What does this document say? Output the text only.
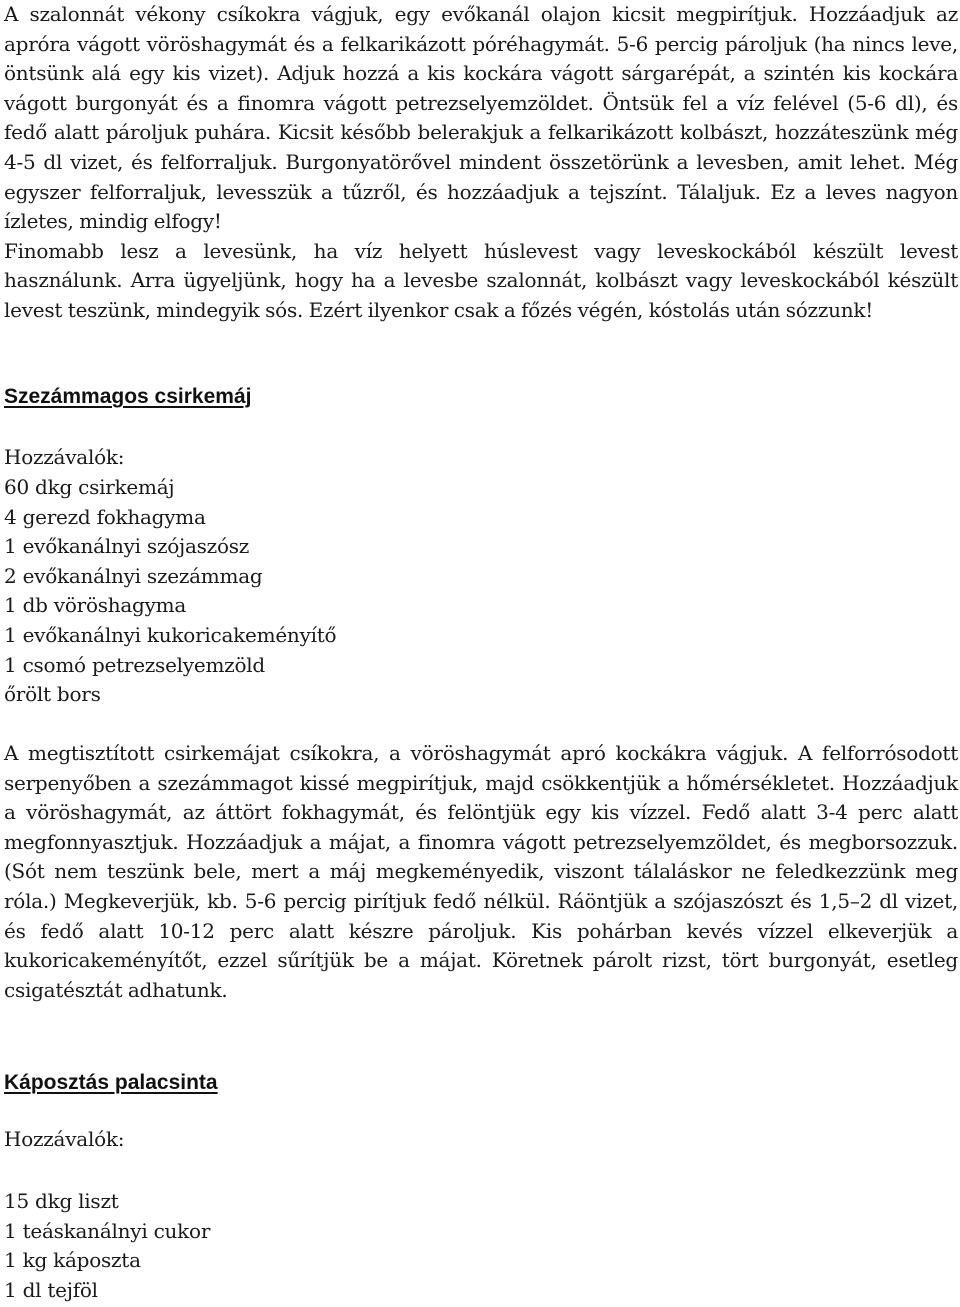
A szalonnát vékony csíkokra vágjuk, egy evőkanál olajon kicsit megpirítjuk. Hozzáadjuk az apróra vágott vöröshagymát és a felkarikázott póréhagymát. 5-6 percig pároljuk (ha nincs leve, öntsünk alá egy kis vizet). Adjuk hozzá a kis kockára vágott sárgarépát, a szintén kis kockára vágott burgonyát és a finomra vágott petrezselyemzöldet. Öntsük fel a víz felével (5-6 dl), és fedő alatt pároljuk puhára. Kicsit később belerakjuk a felkarikázott kolbászt, hozzáteszünk még 4-5 dl vizet, és felforraljuk. Burgonyatörővel mindent összetörünk a levesben, amit lehet. Még egyszer felforraljuk, levesszük a tűzről, és hozzáadjuk a tejszínt. Tálaljuk. Ez a leves nagyon ízletes, mindig elfogy!

Finomabb lesz a levesünk, ha víz helyett húslevest vagy leveskockából készült levest használunk. Arra ügyeljünk, hogy ha a levesbe szalonnát, kolbászt vagy leveskockából készült levest teszünk, mindegyik sós. Ezért ilyenkor csak a főzés végén, kóstolás után sózzunk!

Szezámmagos csirkemáj

Hozzávalók:

60 dkg csirkemáj
4 gerezd fokhagyma
1 evőkanálnyi szójaszósz
2 evőkanálnyi szezámmag
1 db vöröshagyma
1 evőkanálnyi kukoricakeményítő
1 csomó petrezselyemzöld
őrölt bors

A megtisztított csirkemájat csíkokra, a vöröshagymát apró kockákra vágjuk. A felforrósodott serpenyőben a szezámmagot kissé megpirítjuk, majd csökkentjük a hőmérsékletet. Hozzáadjuk a vöröshagymát, az áttört fokhagymát, és felöntjük egy kis vízzel. Fedő alatt 3-4 perc alatt megfonnyasztjuk. Hozzáadjuk a májat, a finomra vágott petrezselyemzöldet, és megborsozzuk. (Sót nem teszünk bele, mert a máj megkeményedik, viszont tálaláskor ne feledkezzünk meg róla.) Megkeverjük, kb. 5-6 percig pirítjuk fedő nélkül. Ráöntjük a szójaszószt és 1,5–2 dl vizet, és fedő alatt 10-12 perc alatt készre pároljuk. Kis pohárban kevés vízzel elkeverjük a kukoricakeményítőt, ezzel sűrítjük be a májat. Köretnek párolt rizst, tört burgonyát, esetleg csigatésztát adhatunk.

Káposztás palacsinta

Hozzávalók:

15 dkg liszt
1 teáskanálnyi cukor
1 kg káposzta
1 dl tejföl
